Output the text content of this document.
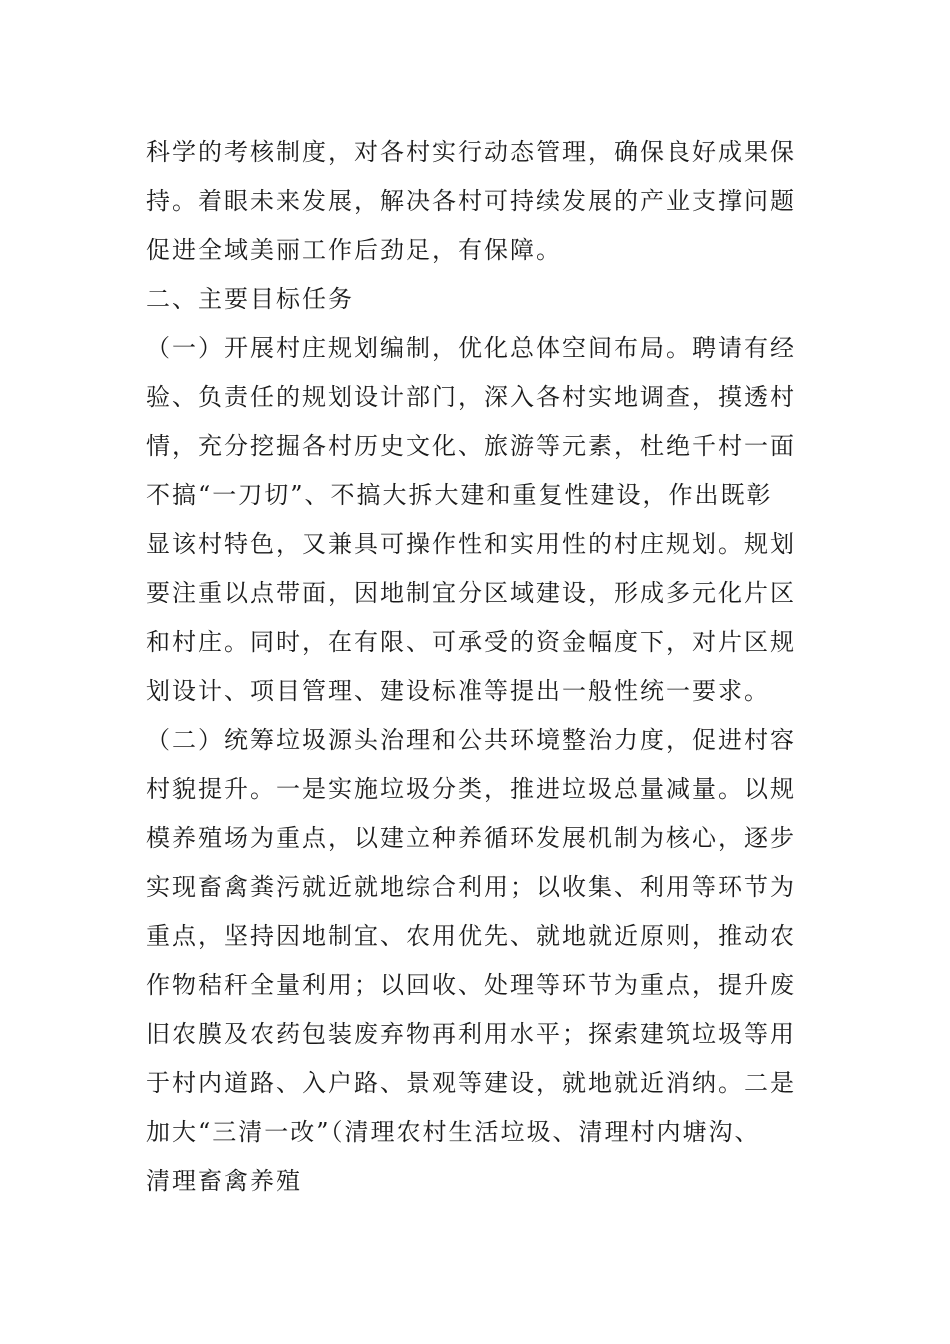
科学的考核制度，对各村实行动态管理，确保良好成果保
持。着眼未来发展，解决各村可持续发展的产业支撑问题
促进全域美丽工作后劲足，有保障。
二、主要目标任务
（一）开展村庄规划编制，优化总体空间布局。聘请有经
验、负责任的规划设计部门，深入各村实地调查，摸透村
情，充分挖掘各村历史文化、旅游等元素，杜绝千村一面
不搞“一刀切”、不搞大拆大建和重复性建设，作出既彰
显该村特色，又兼具可操作性和实用性的村庄规划。规划
要注重以点带面，因地制宜分区域建设，形成多元化片区
和村庄。同时，在有限、可承受的资金幅度下，对片区规
划设计、项目管理、建设标准等提出一般性统一要求。
（二）统筹垃圾源头治理和公共环境整治力度，促进村容
村貌提升。一是实施垃圾分类，推进垃圾总量减量。以规
模养殖场为重点，以建立种养循环发展机制为核心，逐步
实现畜禽粪污就近就地综合利用；以收集、利用等环节为
重点，坚持因地制宜、农用优先、就地就近原则，推动农
作物秸秆全量利用；以回收、处理等环节为重点，提升废
旧农膜及农药包装废弃物再利用水平；探索建筑垃圾等用
于村内道路、入户路、景观等建设，就地就近消纳。二是
加大“三清一改”（清理农村生活垃圾、清理村内塘沟、
清理畜禽养殖
